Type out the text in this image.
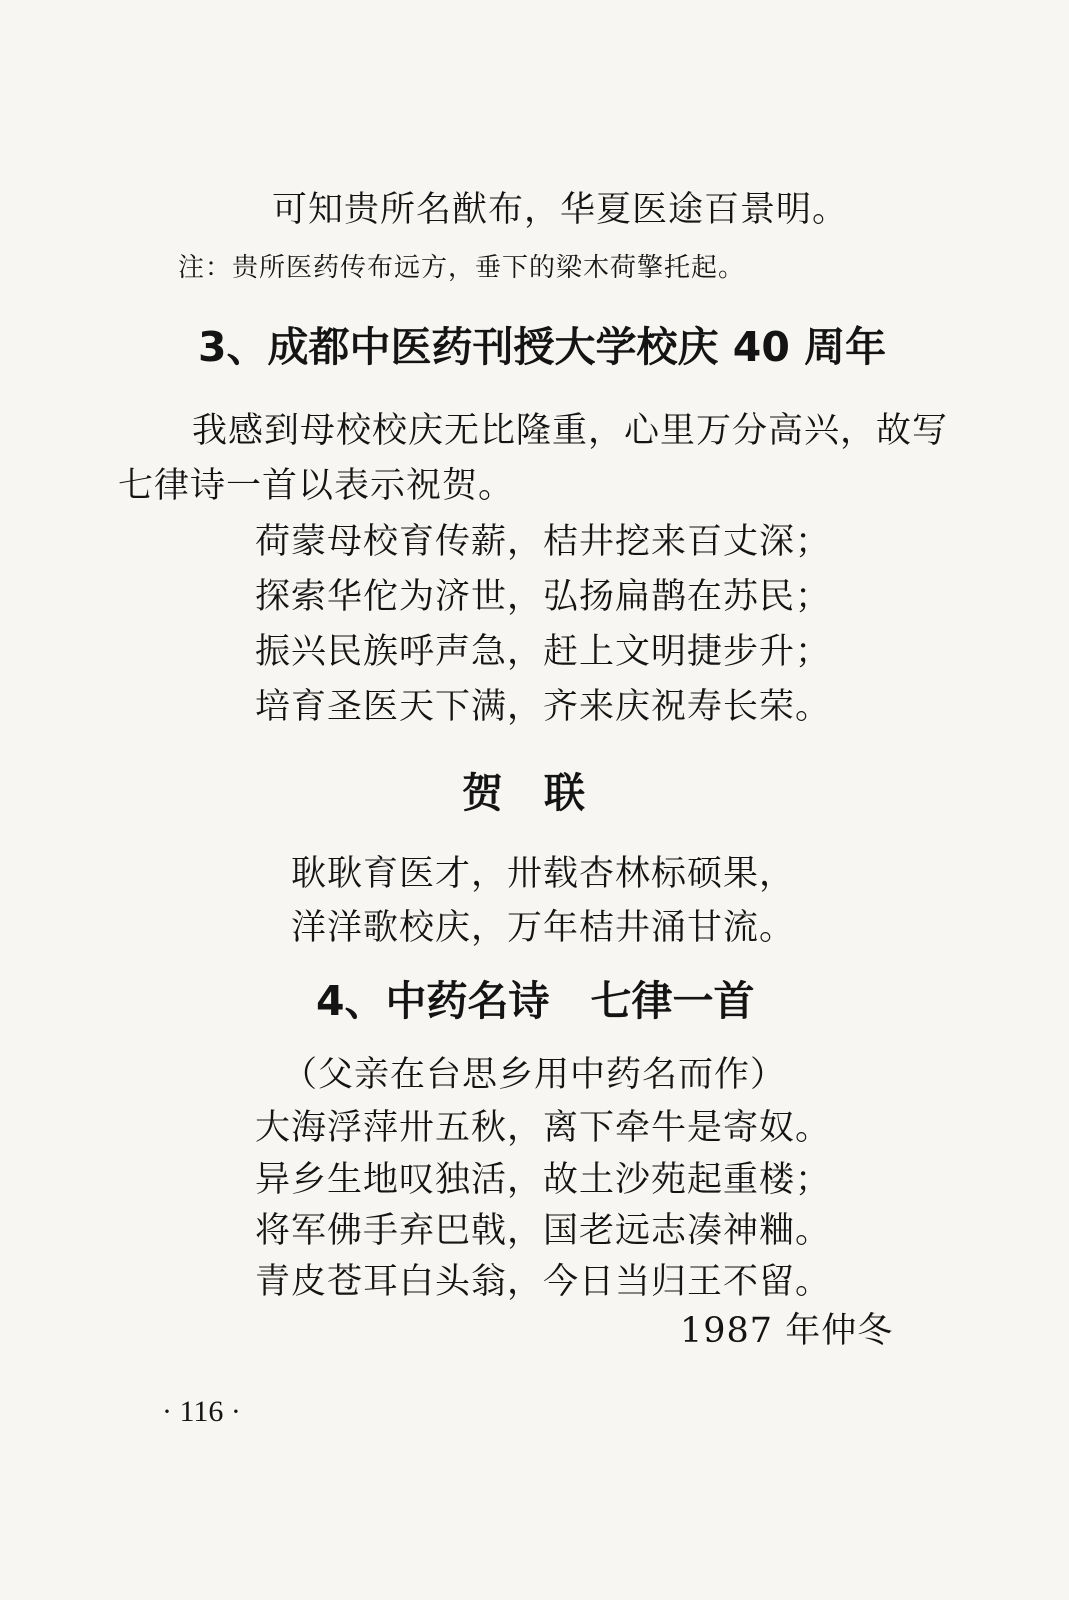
可知贵所名猷布，华夏医途百景明。
注：贵所医药传布远方，垂下的梁木荷擎托起。
3、成都中医药刊授大学校庆 40 周年
我感到母校校庆无比隆重，心里万分高兴，故写
七律诗一首以表示祝贺。
荷蒙母校育传薪，桔井挖来百丈深；
探索华佗为济世，弘扬扁鹊在苏民；
振兴民族呼声急，赶上文明捷步升；
培育圣医天下满，齐来庆祝寿长荣。
贺　联
耿耿育医才，卅载杏林标硕果，
洋洋歌校庆，万年桔井涌甘流。
4、中药名诗　七律一首
（父亲在台思乡用中药名而作）
大海浮萍卅五秋，离下牵牛是寄奴。
异乡生地叹独活，故土沙苑起重楼；
将军佛手弃巴戟，国老远志凑神粬。
青皮苍耳白头翁，今日当归王不留。
1987 年仲冬
· 116 ·
